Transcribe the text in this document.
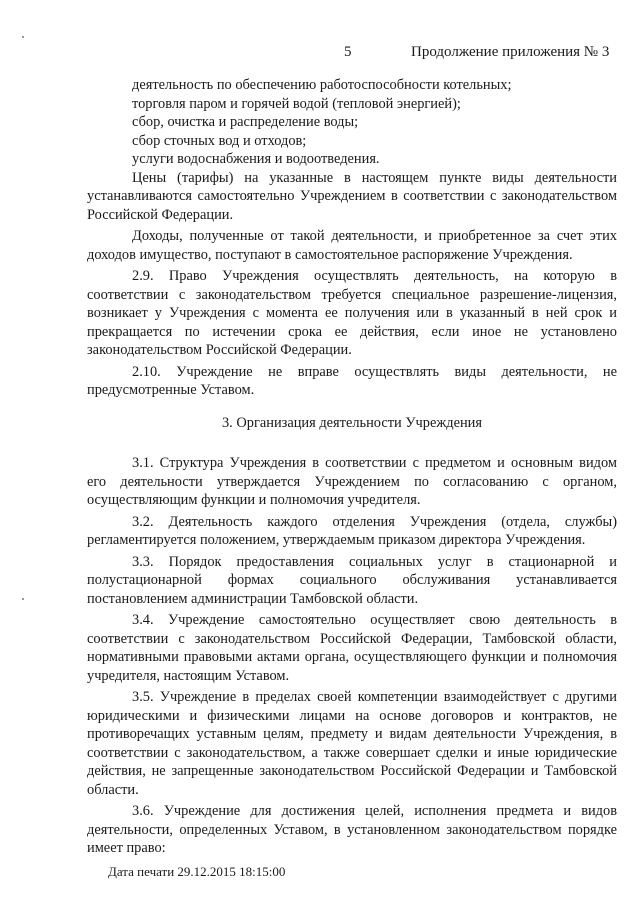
5	Продолжение приложения № 3

деятельность по обеспечению работоспособности котельных;

торговля паром и горячей водой (тепловой энергией);

сбор, очистка и распределение воды;

сбор сточных вод и отходов;

услуги водоснабжения и водоотведения.

Цены (тарифы) на указанные в настоящем пункте виды деятельности устанавливаются самостоятельно Учреждением в соответствии с законодательством Российской Федерации.

Доходы, полученные от такой деятельности, и приобретенное за счет этих доходов имущество, поступают в самостоятельное распоряжение Учреждения.

2.9. Право Учреждения осуществлять деятельность, на которую в соответствии с законодательством требуется специальное разрешение-лицензия, возникает у Учреждения с момента ее получения или в указанный в ней срок и прекращается по истечении срока ее действия, если иное не установлено законодательством Российской Федерации.

2.10. Учреждение не вправе осуществлять виды деятельности, не предусмотренные Уставом.

3. Организация деятельности Учреждения

3.1. Структура Учреждения в соответствии с предметом и основным видом его деятельности утверждается Учреждением по согласованию с органом, осуществляющим функции и полномочия учредителя.

3.2. Деятельность каждого отделения Учреждения (отдела, службы) регламентируется положением, утверждаемым приказом директора Учреждения.

3.3. Порядок предоставления социальных услуг в стационарной и полустационарной формах социального обслуживания устанавливается постановлением администрации Тамбовской области.

3.4. Учреждение самостоятельно осуществляет свою деятельность в соответствии с законодательством Российской Федерации, Тамбовской области, нормативными правовыми актами органа, осуществляющего функции и полномочия учредителя, настоящим Уставом.

3.5. Учреждение в пределах своей компетенции взаимодействует с другими юридическими и физическими лицами на основе договоров и контрактов, не противоречащих уставным целям, предмету и видам деятельности Учреждения, в соответствии с законодательством, а также совершает сделки и иные юридические действия, не запрещенные законодательством Российской Федерации и Тамбовской области.

3.6. Учреждение для достижения целей, исполнения предмета и видов деятельности, определенных Уставом, в установленном законодательством порядке имеет право:

Дата печати 29.12.2015 18:15:00
